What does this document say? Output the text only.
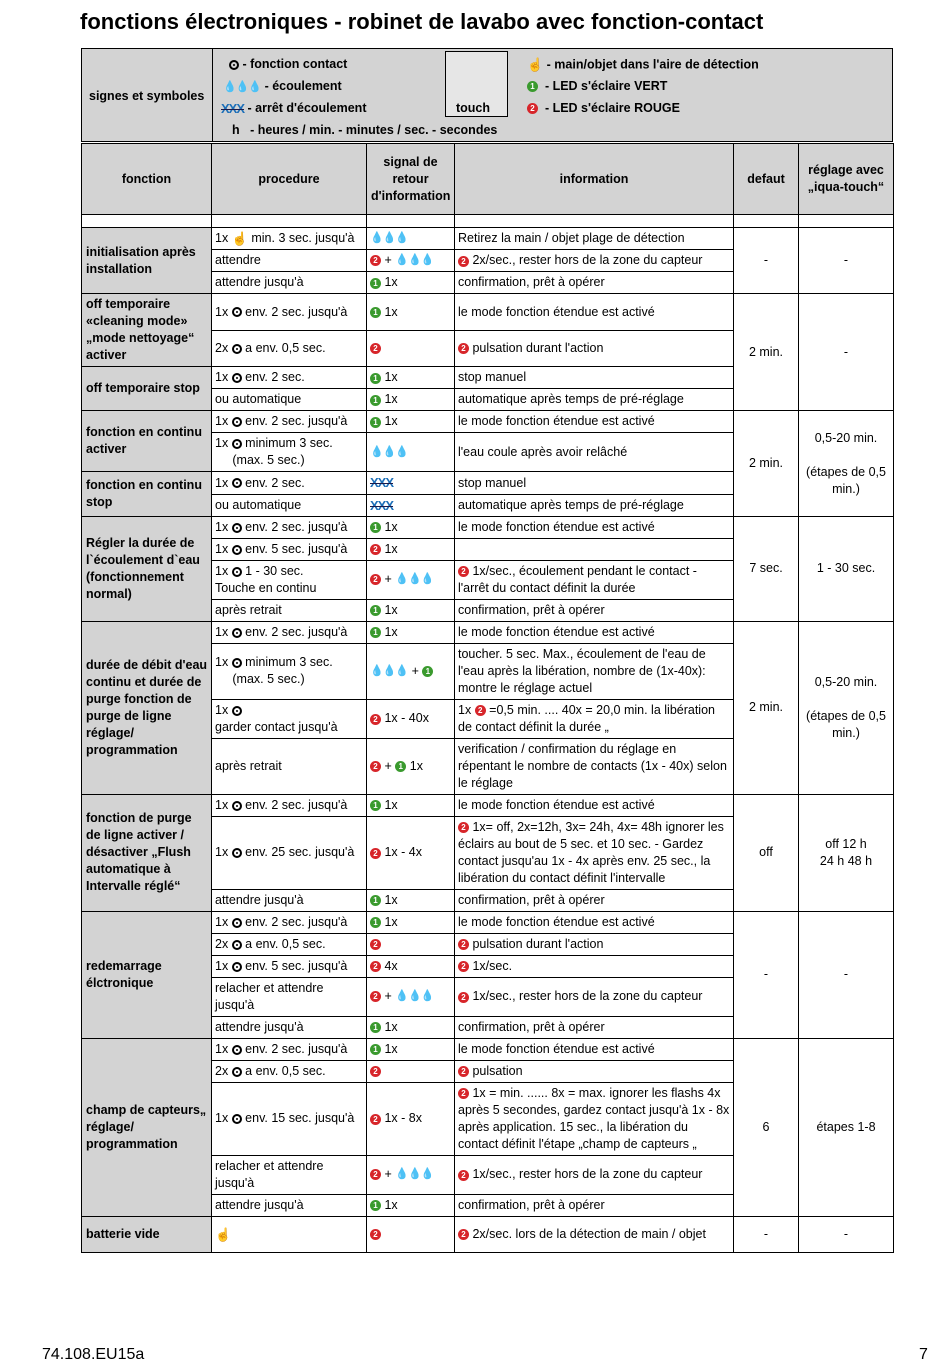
fonctions électroniques - robinet de lavabo avec fonction-contact
signes et symboles
- fonction contact
💧💧💧 - écoulement
XXX - arrêt d'écoulement
h - heures / min. - minutes / sec. - secondes
touch
☝ - main/objet dans l'aire de détection
1 - LED s'éclaire VERT
2 - LED s'éclaire ROUGE
fonction	procedure	signal de retour d'information	information	defaut	réglage avec „iqua-touch“

initialisation après installation	1x ☝ min. 3 sec. jusqu'à	💧💧💧	Retirez la main / objet plage de détection	-	-
	attendre	2 + 💧💧💧	2 2x/sec., rester hors de la zone du capteur		
	attendre jusqu'à	1 1x	confirmation, prêt à opérer		
off temporaire «cleaning mode» „mode nettoyage“ activer	1x env. 2 sec. jusqu'à	1 1x	le mode fonction étendue est activé	2 min.	-
	2x a env. 0,5 sec.	2	2 pulsation durant l'action		
off temporaire stop	1x env. 2 sec.	1 1x	stop manuel		
	ou automatique	1 1x	automatique après temps de pré-réglage		
fonction en continu activer	1x env. 2 sec. jusqu'à	1 1x	le mode fonction étendue est activé	2 min.	0,5-20 min.

(étapes de 0,5 min.)
	1x minimum 3 sec.
(max. 5 sec.)	💧💧💧	l'eau coule après avoir relâché		
fonction en continu stop	1x env. 2 sec.	XXX	stop manuel		
	ou automatique	XXX	automatique après temps de pré-réglage		
Régler la durée de l`écoulement d`eau (fonctionnement normal)	1x env. 2 sec. jusqu'à	1 1x	le mode fonction étendue est activé	7 sec.	1 - 30 sec.
	1x env. 5 sec. jusqu'à	2 1x			
	1x 1 - 30 sec.
Touche en continu	2 + 💧💧💧	2 1x/sec., écoulement pendant le contact - l'arrêt du contact définit la durée		
	après retrait	1 1x	confirmation, prêt à opérer		
durée de débit d'eau continu et durée de purge fonction de purge de ligne réglage/ programmation	1x env. 2 sec. jusqu'à	1 1x	le mode fonction étendue est activé	2 min.	0,5-20 min.

(étapes de 0,5 min.)
	1x minimum 3 sec.
(max. 5 sec.)	💧💧💧 + 1	toucher. 5 sec. Max., écoulement de l'eau de l'eau après la libération, nombre de (1x-40x): montre le réglage actuel		
	1x
garder contact jusqu'à	2 1x - 40x	1x 2 =0,5 min. .... 40x = 20,0 min. la libération de contact définit la durée „		
	après retrait	2 + 1 1x	verification / confirmation du réglage en répentant le nombre de contacts (1x - 40x) selon le réglage		
fonction de purge de ligne activer / désactiver „Flush automatique à Intervalle réglé“	1x env. 2 sec. jusqu'à	1 1x	le mode fonction étendue est activé	off	off 12 h 24 h 48 h
	1x env. 25 sec. jusqu'à	2 1x - 4x	2 1x= off, 2x=12h, 3x= 24h, 4x= 48h ignorer les éclairs au bout de 5 sec. et 10 sec. - Gardez contact jusqu'au 1x - 4x après env. 25 sec., la libération du contact définit l'intervalle		
	attendre jusqu'à	1 1x	confirmation, prêt à opérer		
redemarrage élctronique	1x env. 2 sec. jusqu'à	1 1x	le mode fonction étendue est activé	-	-
	2x a env. 0,5 sec.	2	2 pulsation durant l'action		
	1x env. 5 sec. jusqu'à	2 4x	2 1x/sec.		
	relacher et attendre jusqu'à	2 + 💧💧💧	2 1x/sec., rester hors de la zone du capteur		
	attendre jusqu'à	1 1x	confirmation, prêt à opérer		
champ de capteurs„ réglage/ programmation	1x env. 2 sec. jusqu'à	1 1x	le mode fonction étendue est activé	6	étapes 1-8
	2x a env. 0,5 sec.	2	2 pulsation		
	1x env. 15 sec. jusqu'à	2 1x - 8x	2 1x = min. ...... 8x = max. ignorer les flashs 4x après 5 secondes, gardez contact jusqu'à 1x - 8x après application. 15 sec., la libération du contact définit l'étape „champ de capteurs „		
	relacher et attendre jusqu'à	2 + 💧💧💧	2 1x/sec., rester hors de la zone du capteur		
	attendre jusqu'à	1 1x	confirmation, prêt à opérer		
batterie vide	☝	2	2 2x/sec. lors de la détection de main / objet	-	-
74.108.EU15a	7
